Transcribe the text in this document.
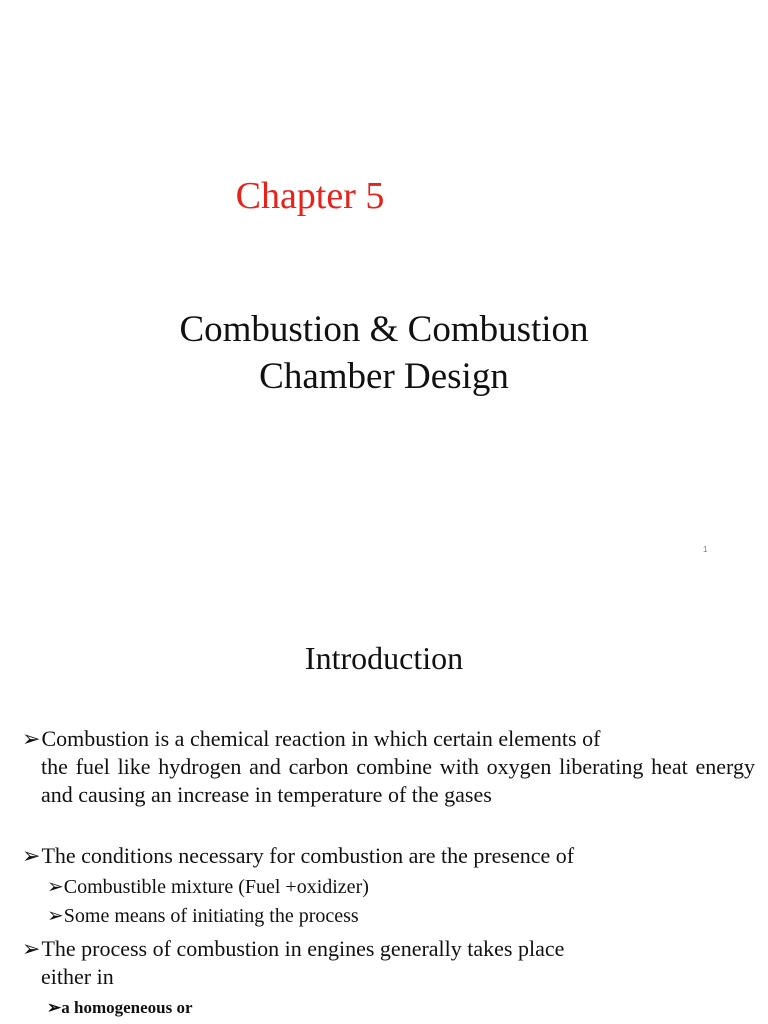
Chapter 5
Combustion & Combustion
Chamber Design
1
Introduction
➢Combustion is a chemical reaction in which certain elements of
the fuel like hydrogen and carbon combine with oxygen liberating heat energy and causing an increase in temperature of the gases
➢The conditions necessary for combustion are the presence of
➢Combustible mixture (Fuel +oxidizer)
➢Some means of initiating the process
➢The process of combustion in engines generally takes place
either in
➢a homogeneous or
